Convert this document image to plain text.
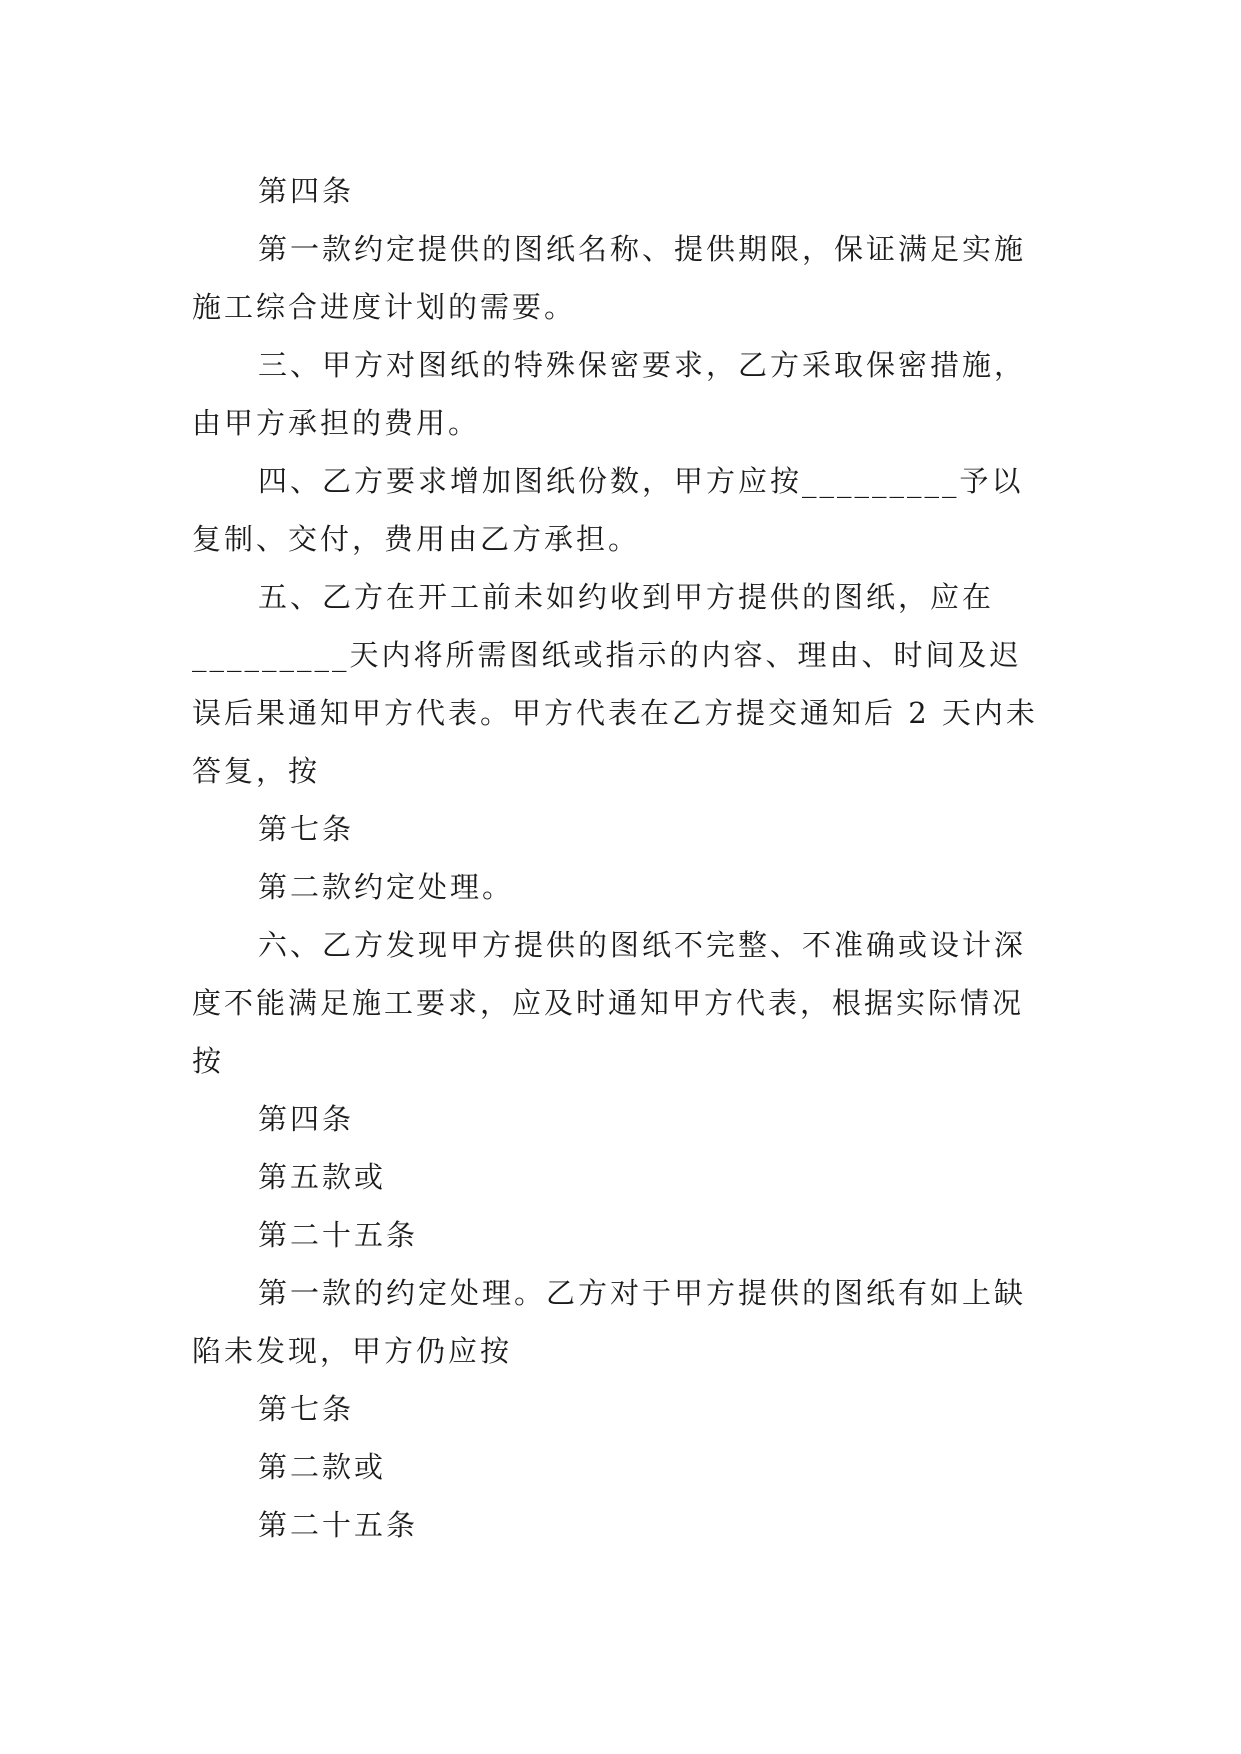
第四条

第一款约定提供的图纸名称、提供期限，保证满足实施施工综合进度计划的需要。

三、甲方对图纸的特殊保密要求，乙方采取保密措施，由甲方承担的费用。

四、乙方要求增加图纸份数，甲方应按_________予以复制、交付，费用由乙方承担。

五、乙方在开工前未如约收到甲方提供的图纸，应在_________天内将所需图纸或指示的内容、理由、时间及迟误后果通知甲方代表。甲方代表在乙方提交通知后 2 天内未答复，按

第七条

第二款约定处理。

六、乙方发现甲方提供的图纸不完整、不准确或设计深度不能满足施工要求，应及时通知甲方代表，根据实际情况按

第四条

第五款或

第二十五条

第一款的约定处理。乙方对于甲方提供的图纸有如上缺陷未发现，甲方仍应按

第七条

第二款或

第二十五条
